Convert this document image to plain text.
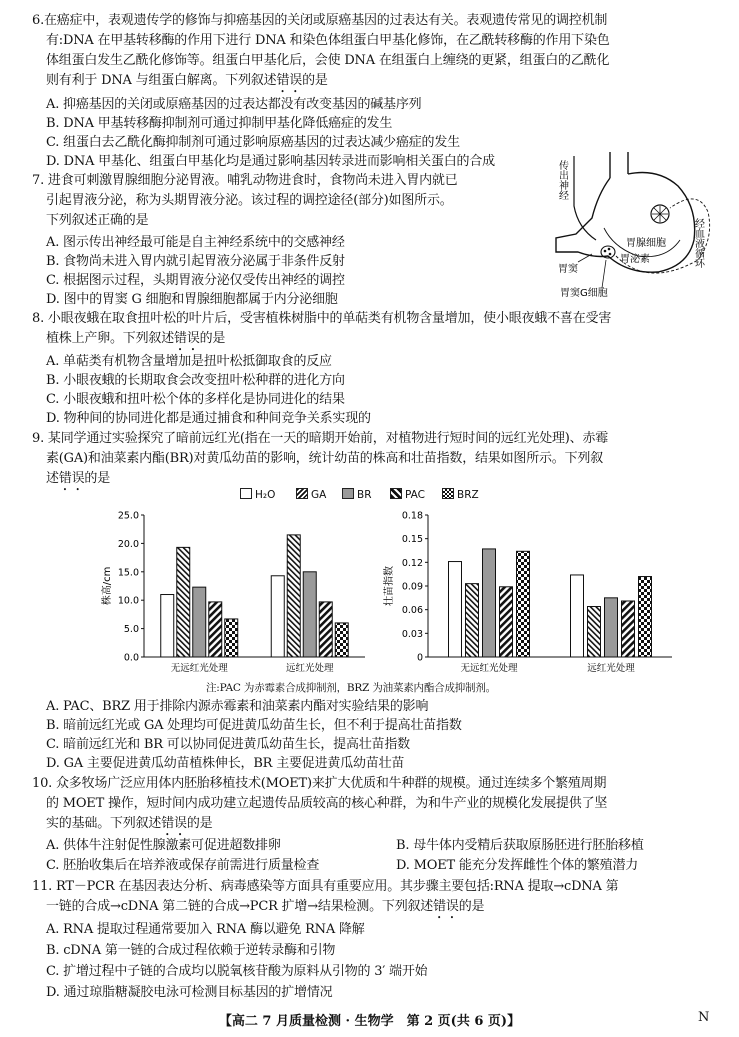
6.在癌症中，表观遗传学的修饰与抑癌基因的关闭或原癌基因的过表达有关。表观遗传常见的调控机制
有:DNA 在甲基转移酶的作用下进行 DNA 和染色体组蛋白甲基化修饰，在乙酰转移酶的作用下染色
体组蛋白发生乙酰化修饰等。组蛋白甲基化后，会使 DNA 在组蛋白上缠绕的更紧，组蛋白的乙酰化
则有利于 DNA 与组蛋白解离。下列叙述错误的是
A. 抑癌基因的关闭或原癌基因的过表达都没有改变基因的碱基序列
B. DNA 甲基转移酶抑制剂可通过抑制甲基化降低癌症的发生
C. 组蛋白去乙酰化酶抑制剂可通过影响原癌基因的过表达减少癌症的发生
D. DNA 甲基化、组蛋白甲基化均是通过影响基因转录进而影响相关蛋白的合成
7. 进食可刺激胃腺细胞分泌胃液。哺乳动物进食时，食物尚未进入胃内就已
引起胃液分泌，称为头期胃液分泌。该过程的调控途径(部分)如图所示。
下列叙述正确的是
A. 图示传出神经最可能是自主神经系统中的交感神经
B. 食物尚未进入胃内就引起胃液分泌属于非条件反射
C. 根据图示过程，头期胃液分泌仅受传出神经的调控
D. 图中的胃窦 G 细胞和胃腺细胞都属于内分泌细胞
传出神经
经血液循环
胃腺细胞
胃泌素
胃窦
胃窦G细胞
8. 小眼夜蛾在取食扭叶松的叶片后，受害植株树脂中的单萜类有机物含量增加，使小眼夜蛾不喜在受害
植株上产卵。下列叙述错误的是
A. 单萜类有机物含量增加是扭叶松抵御取食的反应
B. 小眼夜蛾的长期取食会改变扭叶松种群的进化方向
C. 小眼夜蛾和扭叶松个体的多样化是协同进化的结果
D. 物种间的协同进化都是通过捕食和种间竞争关系实现的
9. 某同学通过实验探究了暗前远红光(指在一天的暗期开始前，对植物进行短时间的远红光处理)、赤霉
素(GA)和油菜素内酯(BR)对黄瓜幼苗的影响，统计幼苗的株高和壮苗指数，结果如图所示。下列叙
述错误的是
H₂O	GA	BR	PAC	BRZ
0.0
5.0
10.0
15.0
20.0
25.0
株高/cm
无远红光处理	远红光处理
0
0.03
0.06
0.09
0.12
0.15
0.18
壮苗指数
无远红光处理	远红光处理
注:PAC 为赤霉素合成抑制剂，BRZ 为油菜素内酯合成抑制剂。
A. PAC、BRZ 用于排除内源赤霉素和油菜素内酯对实验结果的影响
B. 暗前远红光或 GA 处理均可促进黄瓜幼苗生长，但不利于提高壮苗指数
C. 暗前远红光和 BR 可以协同促进黄瓜幼苗生长，提高壮苗指数
D. GA 主要促进黄瓜幼苗植株伸长，BR 主要促进黄瓜幼苗壮苗
10. 众多牧场广泛应用体内胚胎移植技术(MOET)来扩大优质和牛种群的规模。通过连续多个繁殖周期
的 MOET 操作，短时间内成功建立起遗传品质较高的核心种群，为和牛产业的规模化发展提供了坚
实的基础。下列叙述错误的是
A. 供体牛注射促性腺激素可促进超数排卵	B. 母牛体内受精后获取原肠胚进行胚胎移植
C. 胚胎收集后在培养液或保存前需进行质量检查	D. MOET 能充分发挥雌性个体的繁殖潜力
11. RT－PCR 在基因表达分析、病毒感染等方面具有重要应用。其步骤主要包括:RNA 提取→cDNA 第
一链的合成→cDNA 第二链的合成→PCR 扩增→结果检测。下列叙述错误的是
A. RNA 提取过程通常要加入 RNA 酶以避免 RNA 降解
B. cDNA 第一链的合成过程依赖于逆转录酶和引物
C. 扩增过程中子链的合成均以脱氧核苷酸为原料从引物的 3′ 端开始
D. 通过琼脂糖凝胶电泳可检测目标基因的扩增情况
【高二 7 月质量检测 · 生物学　第 2 页(共 6 页)】	N
